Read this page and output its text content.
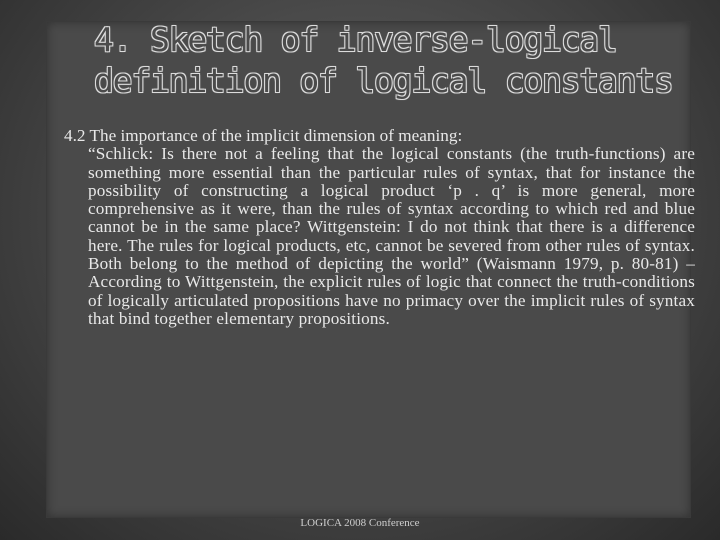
4. Sketch of inverse-logical
definition of logical constants
4.2 The importance of the implicit dimension of meaning:
“Schlick: Is there not a feeling that the logical constants (the truth-functions) are something more essential than the particular rules of syntax, that for instance the possibility of constructing a logical product ‘p . q’ is more general, more comprehensive as it were, than the rules of syntax according to which red and blue cannot be in the same place? Wittgenstein: I do not think that there is a difference here. The rules for logical products, etc, cannot be severed from other rules of syntax. Both belong to the method of depicting the world” (Waismann 1979, p. 80-81) – According to Wittgenstein, the explicit rules of logic that connect the truth-conditions of logically articulated propositions have no primacy over the implicit rules of syntax that bind together elementary propositions.
LOGICA 2008 Conference
